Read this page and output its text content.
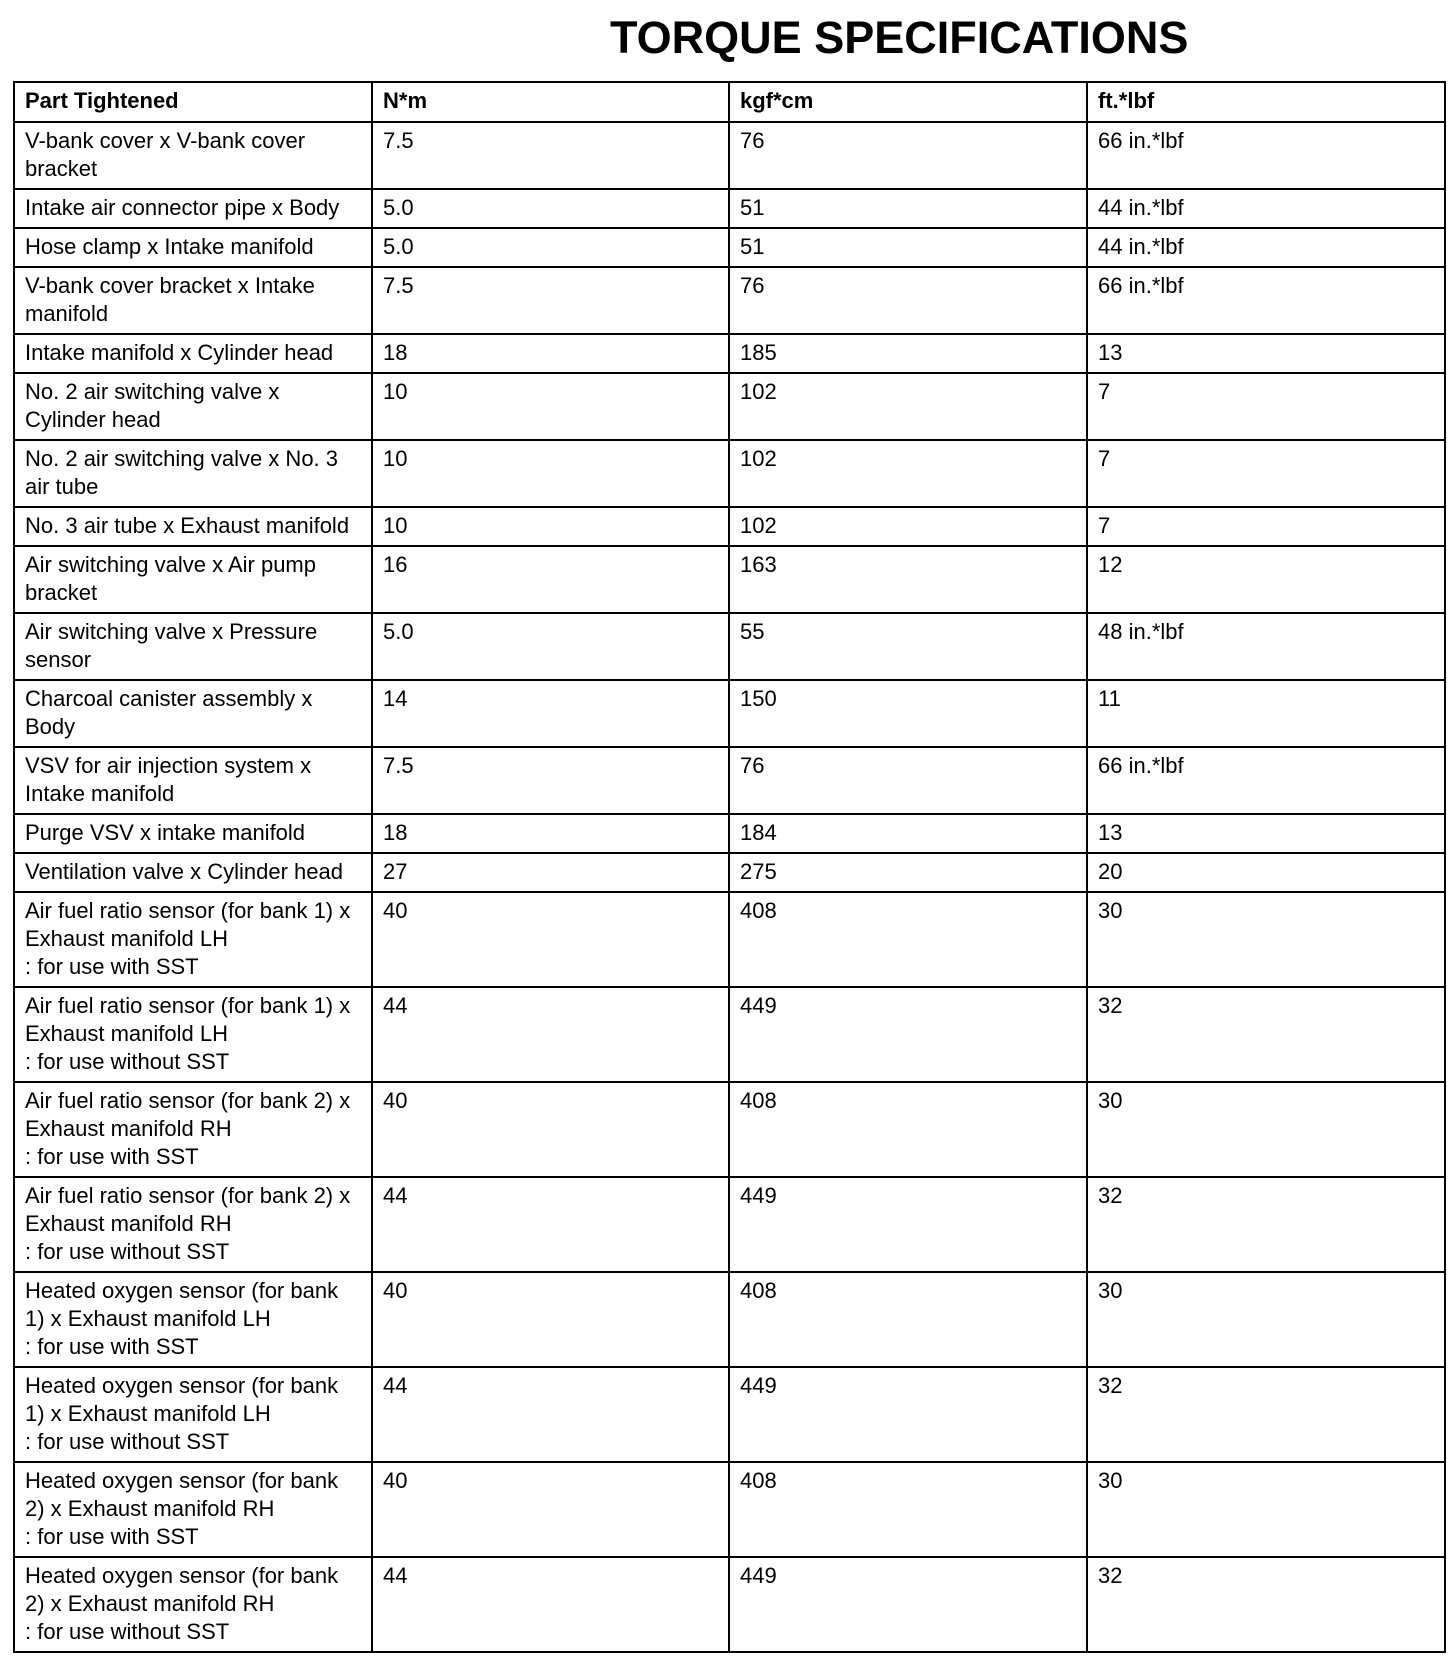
TORQUE SPECIFICATIONS
Part Tightened	N*m	kgf*cm	ft.*lbf
V-bank cover x V-bank cover bracket	7.5	76	66 in.*lbf
Intake air connector pipe x Body	5.0	51	44 in.*lbf
Hose clamp x Intake manifold	5.0	51	44 in.*lbf
V-bank cover bracket x Intake manifold	7.5	76	66 in.*lbf
Intake manifold x Cylinder head	18	185	13
No. 2 air switching valve x Cylinder head	10	102	7
No. 2 air switching valve x No. 3 air tube	10	102	7
No. 3 air tube x Exhaust manifold	10	102	7
Air switching valve x Air pump bracket	16	163	12
Air switching valve x Pressure sensor	5.0	55	48 in.*lbf
Charcoal canister assembly x Body	14	150	11
VSV for air injection system x Intake manifold	7.5	76	66 in.*lbf
Purge VSV x intake manifold	18	184	13
Ventilation valve x Cylinder head	27	275	20
Air fuel ratio sensor (for bank 1) x
Exhaust manifold LH
: for use with SST	40	408	30
Air fuel ratio sensor (for bank 1) x
Exhaust manifold LH
: for use without SST	44	449	32
Air fuel ratio sensor (for bank 2) x
Exhaust manifold RH
: for use with SST	40	408	30
Air fuel ratio sensor (for bank 2) x
Exhaust manifold RH
: for use without SST	44	449	32
Heated oxygen sensor (for bank
1) x Exhaust manifold LH
: for use with SST	40	408	30
Heated oxygen sensor (for bank
1) x Exhaust manifold LH
: for use without SST	44	449	32
Heated oxygen sensor (for bank
2) x Exhaust manifold RH
: for use with SST	40	408	30
Heated oxygen sensor (for bank
2) x Exhaust manifold RH
: for use without SST	44	449	32
